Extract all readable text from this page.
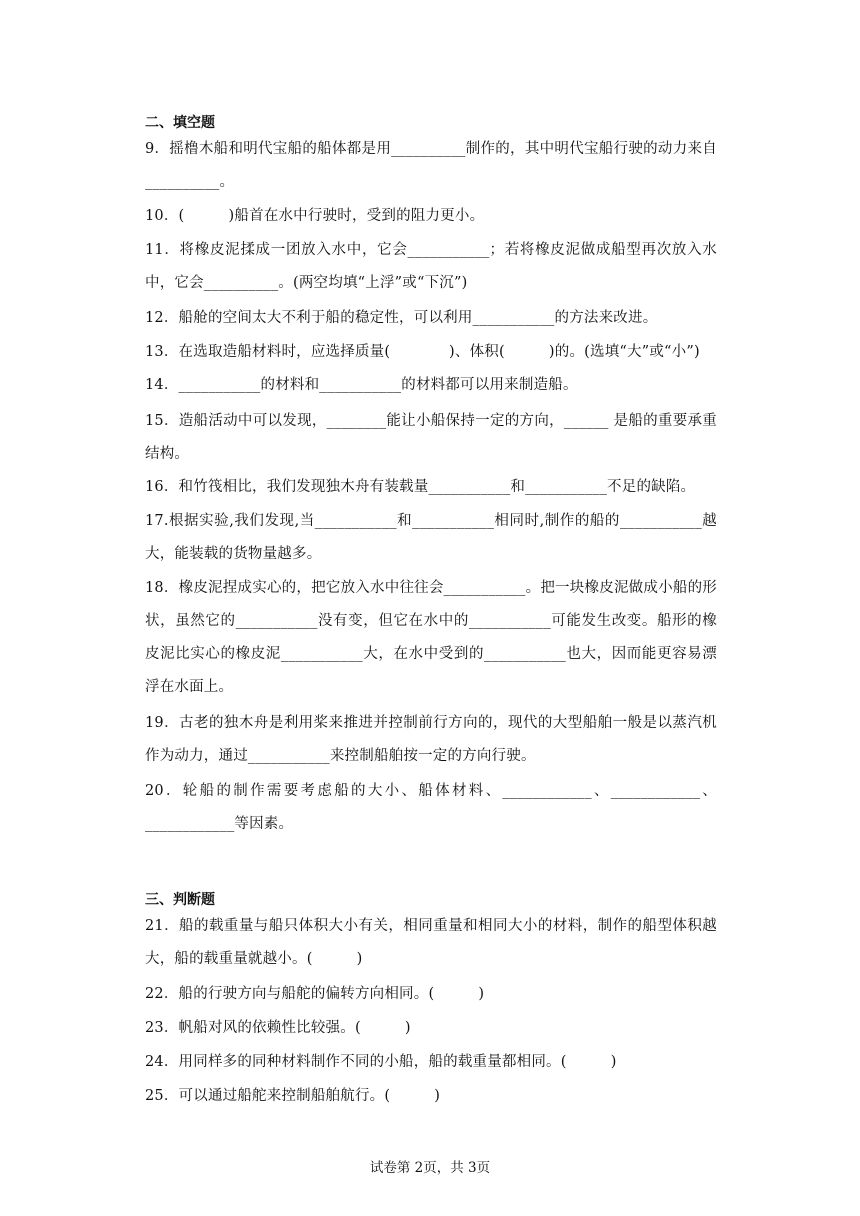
二、填空题

9．摇橹木船和明代宝船的船体都是用__________制作的，其中明代宝船行驶的动力来自__________。

10．(　　　)船首在水中行驶时，受到的阻力更小。

11．将橡皮泥揉成一团放入水中，它会___________；若将橡皮泥做成船型再次放入水中，它会__________。(两空均填“上浮”或“下沉”)

12．船舱的空间太大不利于船的稳定性，可以利用___________的方法来改进。

13．在选取造船材料时，应选择质量(　　　　)、体积(　　　)的。(选填“大”或“小”)

14．___________的材料和___________的材料都可以用来制造船。

15．造船活动中可以发现，________能让小船保持一定的方向，______ 是船的重要承重结构。

16．和竹筏相比，我们发现独木舟有装载量___________和___________不足的缺陷。

17.根据实验,我们发现,当___________和___________相同时,制作的船的___________越大，能装载的货物量越多。

18．橡皮泥捏成实心的，把它放入水中往往会___________。把一块橡皮泥做成小船的形状，虽然它的___________没有变，但它在水中的___________可能发生改变。船形的橡皮泥比实心的橡皮泥___________大，在水中受到的___________也大，因而能更容易漂浮在水面上。

19．古老的独木舟是利用桨来推进并控制前行方向的，现代的大型船舶一般是以蒸汽机作为动力，通过___________来控制船舶按一定的方向行驶。

20．轮船的制作需要考虑船的大小、船体材料、____________、____________、____________等因素。

三、判断题

21．船的载重量与船只体积大小有关，相同重量和相同大小的材料，制作的船型体积越大，船的载重量就越小。(　　　)

22．船的行驶方向与船舵的偏转方向相同。(　　　)

23．帆船对风的依赖性比较强。(　　　)

24．用同样多的同种材料制作不同的小船，船的载重量都相同。(　　　)

25．可以通过船舵来控制船舶航行。(　　　)

试卷第 2页，共 3页
